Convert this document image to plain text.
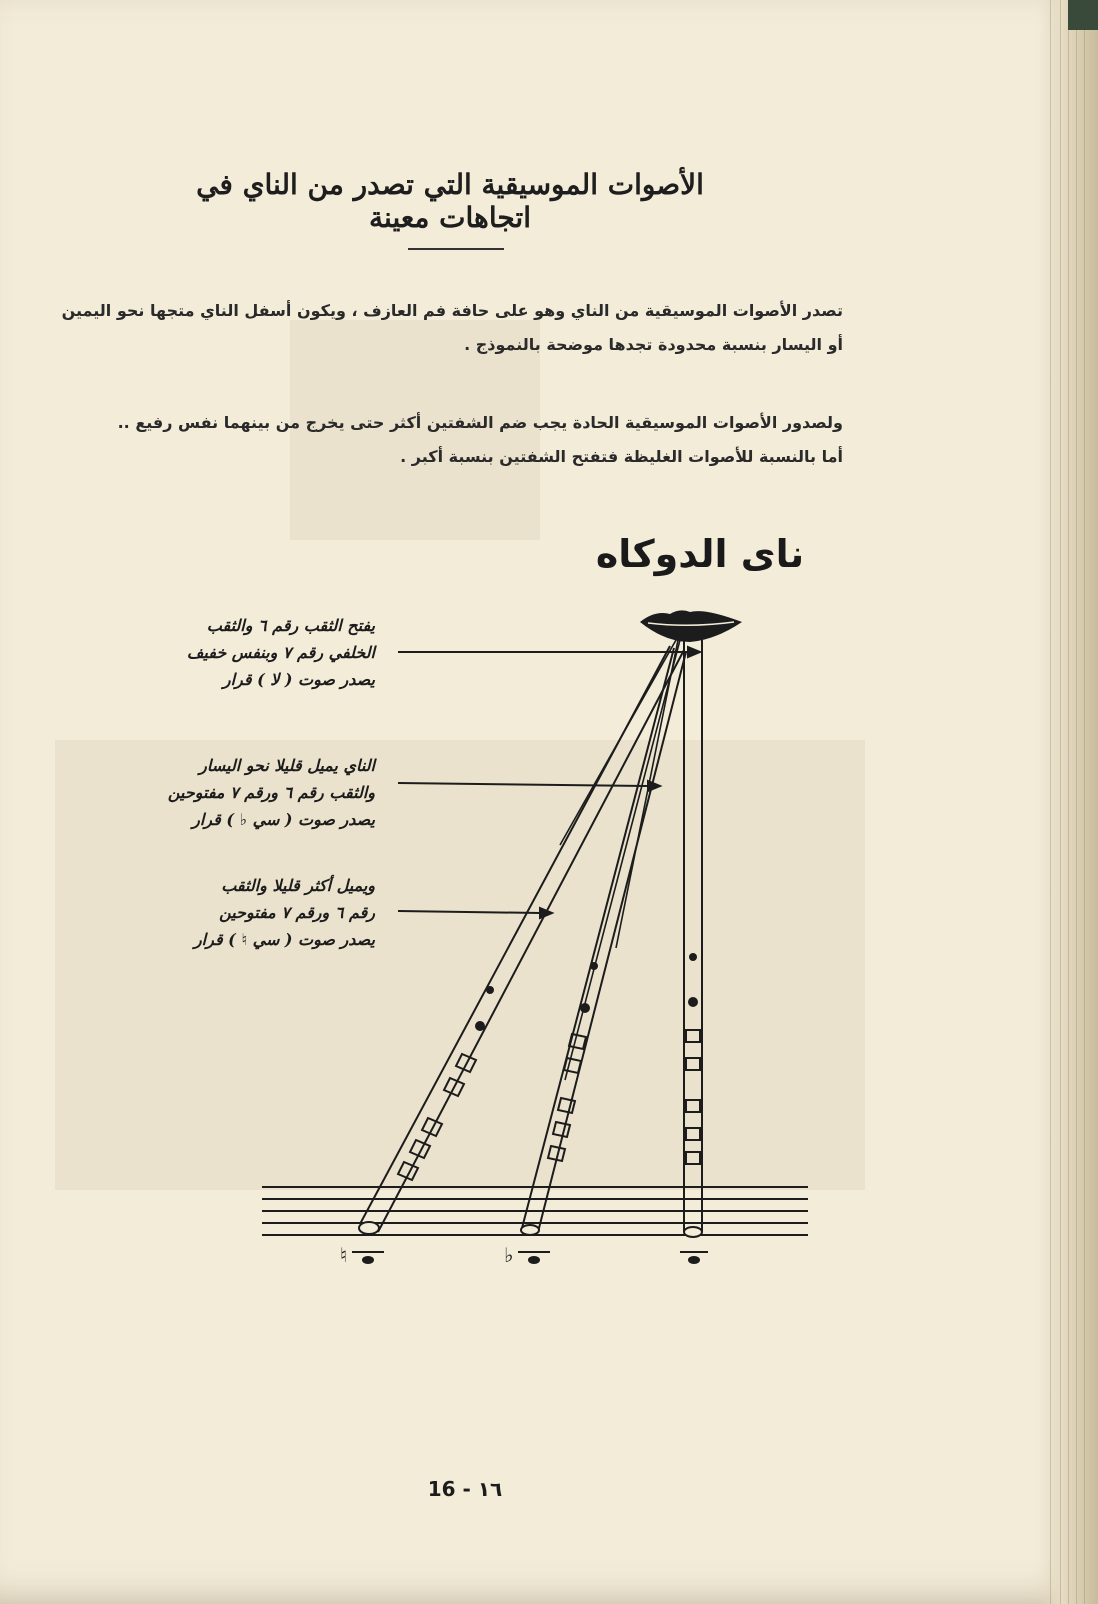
الأصوات الموسيقية التي تصدر من الناي في اتجاهات معينة
تصدر الأصوات الموسيقية من الناي وهو على حافة فم العازف ، ويكون أسفل الناي متجها نحو اليمين
أو اليسار بنسبة محدودة تجدها موضحة بالنموذج .
ولصدور الأصوات الموسيقية الحادة يجب ضم الشفتين أكثر حتى يخرج من بينهما نفس رفيع ..
أما بالنسبة للأصوات الغليظة فتفتح الشفتين بنسبة أكبر .
ناى الدوكاه
يفتح الثقب رقم ٦ والثقب
الخلفي رقم ٧ وبنفس خفيف
يصدر صوت ( لا ) قرار
الناي يميل قليلا نحو اليسار
والثقب رقم ٦ ورقم ٧ مفتوحين
يصدر صوت ( سي ♭ ) قرار
ويميل أكثر قليلا والثقب
رقم ٦ ورقم ٧ مفتوحين
يصدر صوت ( سي ♮ ) قرار
♮	♭
16 - ١٦
